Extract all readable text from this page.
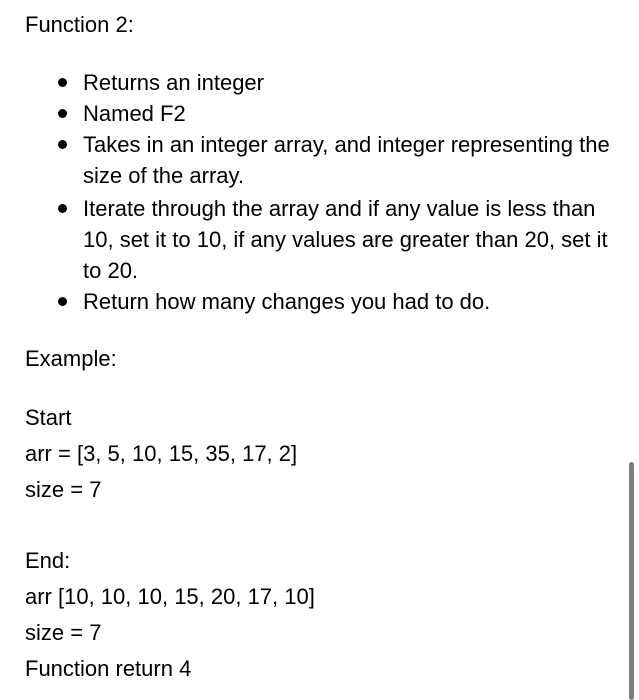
Function 2:
Returns an integer
Named F2
Takes in an integer array, and integer representing the size of the array.
Iterate through the array and if any value is less than 10, set it to 10, if any values are greater than 20, set it to 20.
Return how many changes you had to do.
Example:
Start
arr = [3, 5, 10, 15, 35, 17, 2]
size = 7
End:
arr [10, 10, 10, 15, 20, 17, 10]
size = 7
Function return 4
